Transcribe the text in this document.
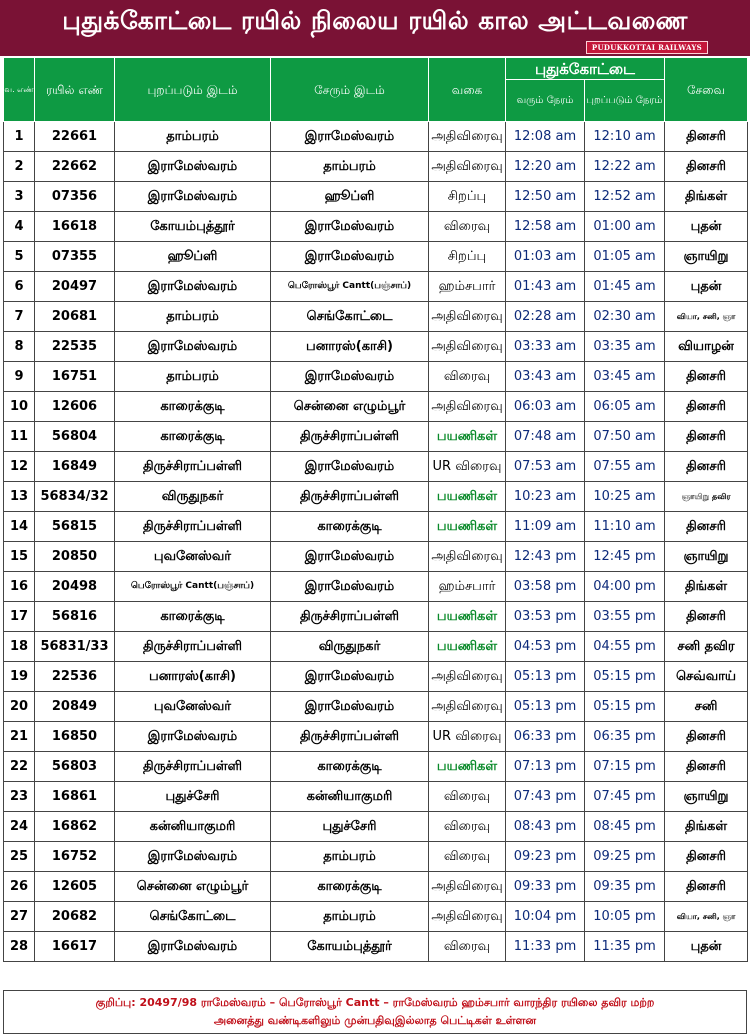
புதுக்கோட்டை ரயில் நிலைய ரயில் கால அட்டவணை
PUDUKKOTTAI RAILWAYS
வ. எண்	ரயில் எண்	புறப்படும் இடம்	சேரும் இடம்	வகை	புதுக்கோட்டை		சேவை
					வரும் நேரம்	புறப்படும் நேரம்	
1	22661	தாம்பரம்	இராமேஸ்வரம்	அதிவிரைவு	12:08 am	12:10 am	தினசரி
2	22662	இராமேஸ்வரம்	தாம்பரம்	அதிவிரைவு	12:20 am	12:22 am	தினசரி
3	07356	இராமேஸ்வரம்	ஹூப்ளி	சிறப்பு	12:50 am	12:52 am	திங்கள்
4	16618	கோயம்புத்தூர்	இராமேஸ்வரம்	விரைவு	12:58 am	01:00 am	புதன்
5	07355	ஹூப்ளி	இராமேஸ்வரம்	சிறப்பு	01:03 am	01:05 am	ஞாயிறு
6	20497	இராமேஸ்வரம்	பெரோஸ்பூர் Cantt(பஞ்சாப்)	ஹம்சபார்	01:43 am	01:45 am	புதன்
7	20681	தாம்பரம்	செங்கோட்டை	அதிவிரைவு	02:28 am	02:30 am	வியா, சனி, ஞா
8	22535	இராமேஸ்வரம்	பனாரஸ்(காசி)	அதிவிரைவு	03:33 am	03:35 am	வியாழன்
9	16751	தாம்பரம்	இராமேஸ்வரம்	விரைவு	03:43 am	03:45 am	தினசரி
10	12606	காரைக்குடி	சென்னை எழும்பூர்	அதிவிரைவு	06:03 am	06:05 am	தினசரி
11	56804	காரைக்குடி	திருச்சிராப்பள்ளி	பயணிகள்	07:48 am	07:50 am	தினசரி
12	16849	திருச்சிராப்பள்ளி	இராமேஸ்வரம்	UR விரைவு	07:53 am	07:55 am	தினசரி
13	56834/32	விருதுநகர்	திருச்சிராப்பள்ளி	பயணிகள்	10:23 am	10:25 am	ஞாயிறு தவிர
14	56815	திருச்சிராப்பள்ளி	காரைக்குடி	பயணிகள்	11:09 am	11:10 am	தினசரி
15	20850	புவனேஸ்வர்	இராமேஸ்வரம்	அதிவிரைவு	12:43 pm	12:45 pm	ஞாயிறு
16	20498	பெரோஸ்பூர் Cantt(பஞ்சாப்)	இராமேஸ்வரம்	ஹம்சபார்	03:58 pm	04:00 pm	திங்கள்
17	56816	காரைக்குடி	திருச்சிராப்பள்ளி	பயணிகள்	03:53 pm	03:55 pm	தினசரி
18	56831/33	திருச்சிராப்பள்ளி	விருதுநகர்	பயணிகள்	04:53 pm	04:55 pm	சனி தவிர
19	22536	பனாரஸ்(காசி)	இராமேஸ்வரம்	அதிவிரைவு	05:13 pm	05:15 pm	செவ்வாய்
20	20849	புவனேஸ்வர்	இராமேஸ்வரம்	அதிவிரைவு	05:13 pm	05:15 pm	சனி
21	16850	இராமேஸ்வரம்	திருச்சிராப்பள்ளி	UR விரைவு	06:33 pm	06:35 pm	தினசரி
22	56803	திருச்சிராப்பள்ளி	காரைக்குடி	பயணிகள்	07:13 pm	07:15 pm	தினசரி
23	16861	புதுச்சேரி	கன்னியாகுமரி	விரைவு	07:43 pm	07:45 pm	ஞாயிறு
24	16862	கன்னியாகுமரி	புதுச்சேரி	விரைவு	08:43 pm	08:45 pm	திங்கள்
25	16752	இராமேஸ்வரம்	தாம்பரம்	விரைவு	09:23 pm	09:25 pm	தினசரி
26	12605	சென்னை எழும்பூர்	காரைக்குடி	அதிவிரைவு	09:33 pm	09:35 pm	தினசரி
27	20682	செங்கோட்டை	தாம்பரம்	அதிவிரைவு	10:04 pm	10:05 pm	வியா, சனி, ஞா
28	16617	இராமேஸ்வரம்	கோயம்புத்தூர்	விரைவு	11:33 pm	11:35 pm	புதன்
குறிப்பு: 20497/98 ராமேஸ்வரம் – பெரோஸ்பூர் Cantt – ராமேஸ்வரம் ஹம்சபார் வாரந்திர ரயிலை தவிர மற்ற
அனைத்து வண்டிகளிலும் முன்பதிவுஇல்லாத பெட்டிகள் உள்ளன
